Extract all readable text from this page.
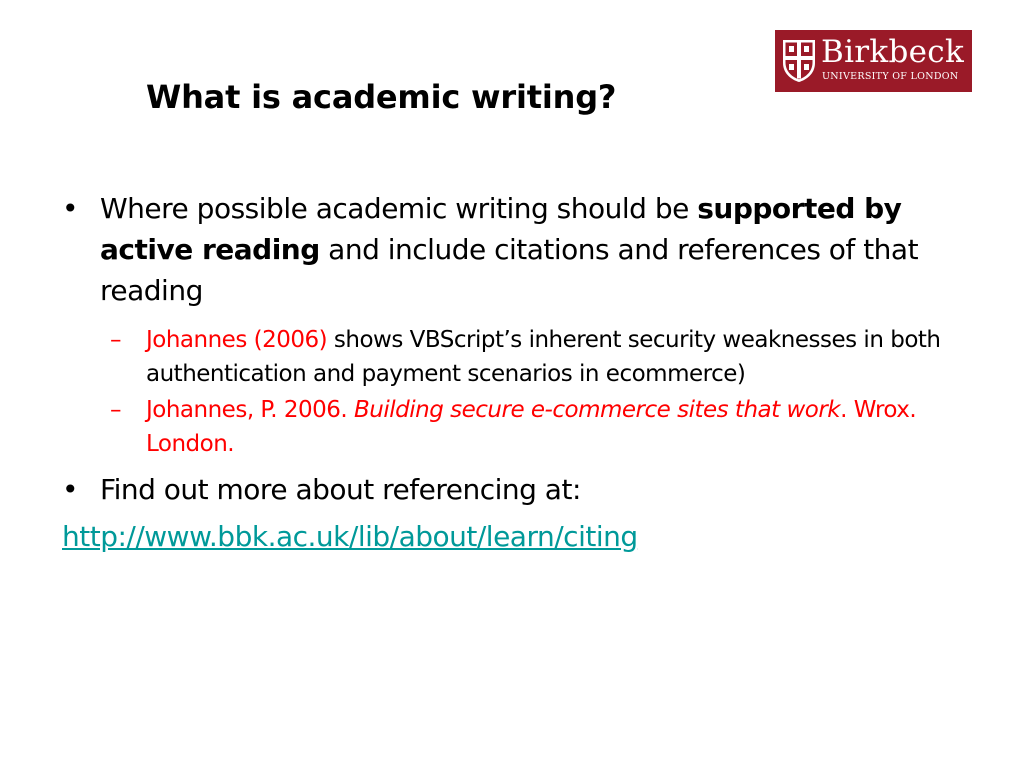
Birkbeck
UNIVERSITY OF LONDON
What is academic writing?
• Where possible academic writing should be supported by active reading and include citations and references of that reading
– Johannes (2006) shows VBScript’s inherent security weaknesses in both authentication and payment scenarios in ecommerce)
– Johannes, P. 2006. Building secure e-commerce sites that work. Wrox. London.
• Find out more about referencing at:
http://www.bbk.ac.uk/lib/about/learn/citing
